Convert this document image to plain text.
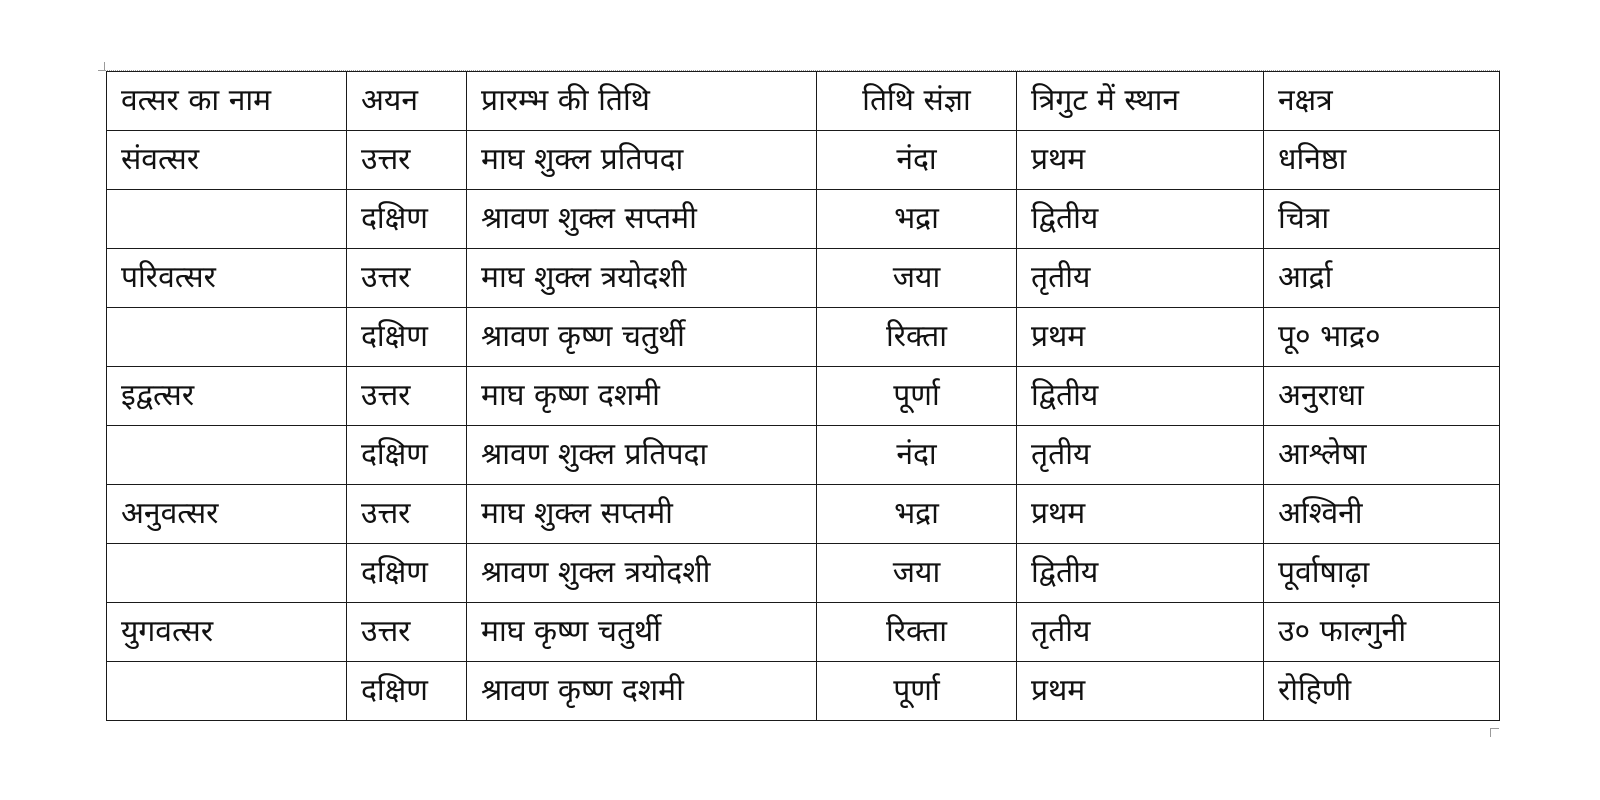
वत्सर का नाम	अयन	प्रारम्भ की तिथि	तिथि संज्ञा	त्रिगुट में स्थान	नक्षत्र
संवत्सर	उत्तर	माघ शुक्ल प्रतिपदा	नंदा	प्रथम	धनिष्ठा
	दक्षिण	श्रावण शुक्ल सप्तमी	भद्रा	द्वितीय	चित्रा
परिवत्सर	उत्तर	माघ शुक्ल त्रयोदशी	जया	तृतीय	आर्द्रा
	दक्षिण	श्रावण कृष्ण चतुर्थी	रिक्ता	प्रथम	पू० भाद्र०
इद्वत्सर	उत्तर	माघ कृष्ण दशमी	पूर्णा	द्वितीय	अनुराधा
	दक्षिण	श्रावण शुक्ल प्रतिपदा	नंदा	तृतीय	आश्लेषा
अनुवत्सर	उत्तर	माघ शुक्ल सप्तमी	भद्रा	प्रथम	अश्विनी
	दक्षिण	श्रावण शुक्ल त्रयोदशी	जया	द्वितीय	पूर्वाषाढ़ा
युगवत्सर	उत्तर	माघ कृष्ण चतुर्थी	रिक्ता	तृतीय	उ० फाल्गुनी
	दक्षिण	श्रावण कृष्ण दशमी	पूर्णा	प्रथम	रोहिणी
